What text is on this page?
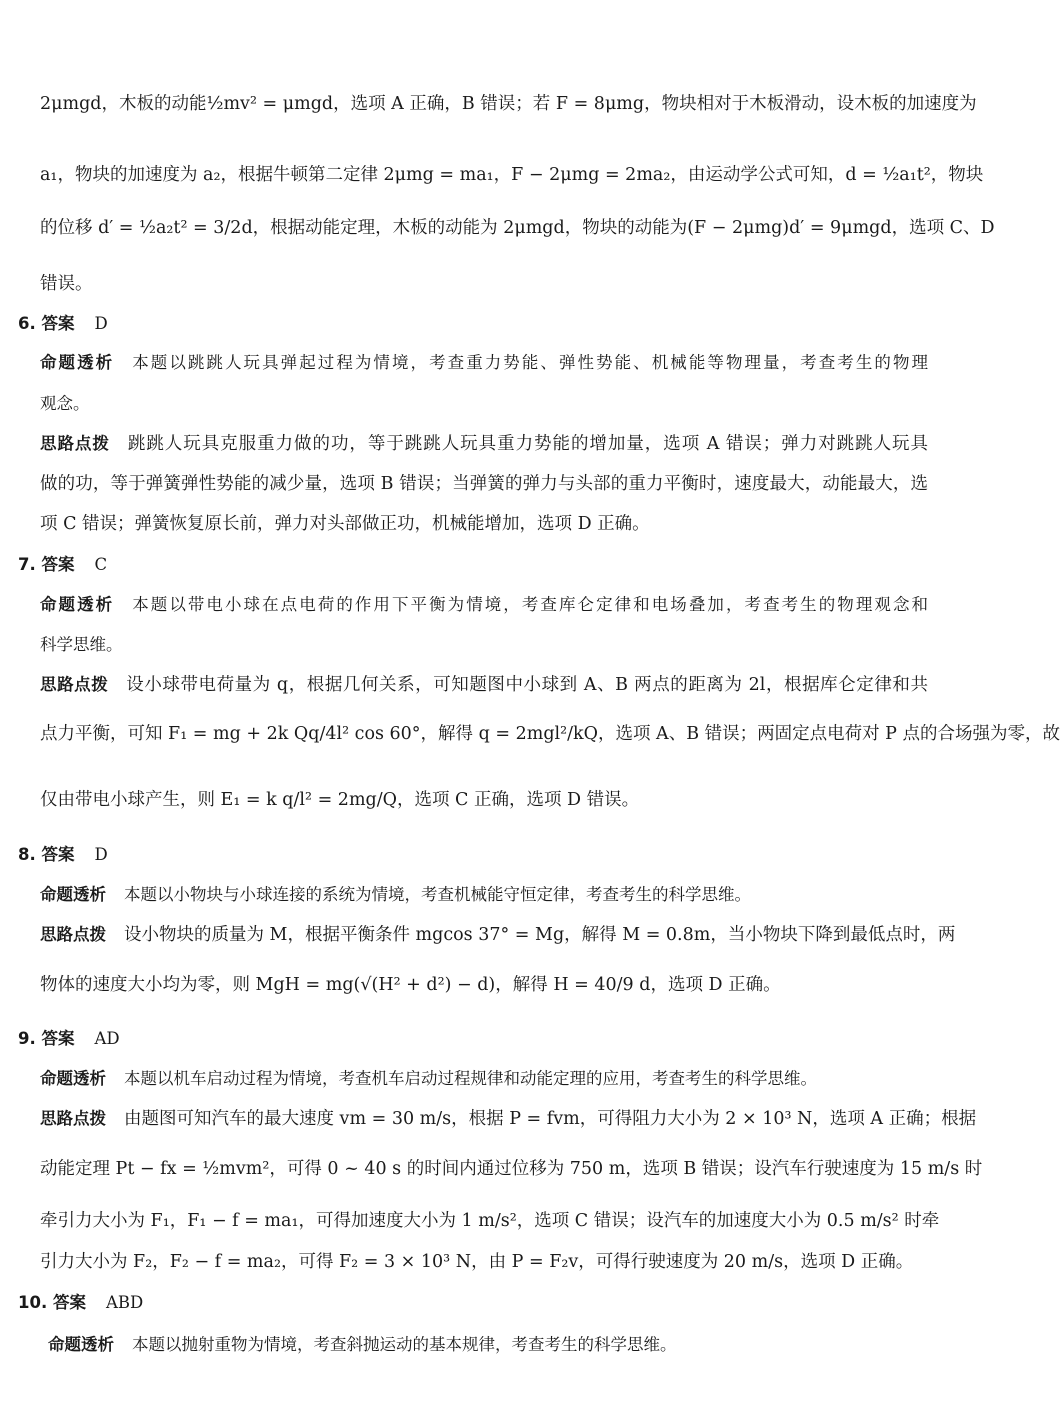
2μmgd，木板的动能½mv² = μmgd，选项 A 正确，B 错误；若 F = 8μmg，物块相对于木板滑动，设木板的加速度为
a₁，物块的加速度为 a₂，根据牛顿第二定律 2μmg = ma₁，F − 2μmg = 2ma₂，由运动学公式可知，d = ½a₁t²，物块
的位移 d′ = ½a₂t² = 3/2d，根据动能定理，木板的动能为 2μmgd，物块的动能为(F − 2μmg)d′ = 9μmgd，选项 C、D
错误。
6. 答案 D
命题透析 本题以跳跳人玩具弹起过程为情境，考查重力势能、弹性势能、机械能等物理量，考查考生的物理
观念。
思路点拨 跳跳人玩具克服重力做的功，等于跳跳人玩具重力势能的增加量，选项 A 错误；弹力对跳跳人玩具
做的功，等于弹簧弹性势能的减少量，选项 B 错误；当弹簧的弹力与头部的重力平衡时，速度最大，动能最大，选
项 C 错误；弹簧恢复原长前，弹力对头部做正功，机械能增加，选项 D 正确。
7. 答案 C
命题透析 本题以带电小球在点电荷的作用下平衡为情境，考查库仑定律和电场叠加，考查考生的物理观念和
科学思维。
思路点拨 设小球带电荷量为 q，根据几何关系，可知题图中小球到 A、B 两点的距离为 2l，根据库仑定律和共
点力平衡，可知 F₁ = mg + 2k Qq/4l² cos 60°，解得 q = 2mgl²/kQ，选项 A、B 错误；两固定点电荷对 P 点的合场强为零，故
仅由带电小球产生，则 E₁ = k q/l² = 2mg/Q，选项 C 正确，选项 D 错误。
8. 答案 D
命题透析 本题以小物块与小球连接的系统为情境，考查机械能守恒定律，考查考生的科学思维。
思路点拨 设小物块的质量为 M，根据平衡条件 mgcos 37° = Mg，解得 M = 0.8m，当小物块下降到最低点时，两
物体的速度大小均为零，则 MgH = mg(√(H² + d²) − d)，解得 H = 40/9 d，选项 D 正确。
9. 答案 AD
命题透析 本题以机车启动过程为情境，考查机车启动过程规律和动能定理的应用，考查考生的科学思维。
思路点拨 由题图可知汽车的最大速度 vm = 30 m/s，根据 P = fvm，可得阻力大小为 2 × 10³ N，选项 A 正确；根据
动能定理 Pt − fx = ½mvm²，可得 0 ~ 40 s 的时间内通过位移为 750 m，选项 B 错误；设汽车行驶速度为 15 m/s 时
牵引力大小为 F₁，F₁ − f = ma₁，可得加速度大小为 1 m/s²，选项 C 错误；设汽车的加速度大小为 0.5 m/s² 时牵
引力大小为 F₂，F₂ − f = ma₂，可得 F₂ = 3 × 10³ N，由 P = F₂v，可得行驶速度为 20 m/s，选项 D 正确。
10. 答案 ABD
命题透析 本题以抛射重物为情境，考查斜抛运动的基本规律，考查考生的科学思维。
